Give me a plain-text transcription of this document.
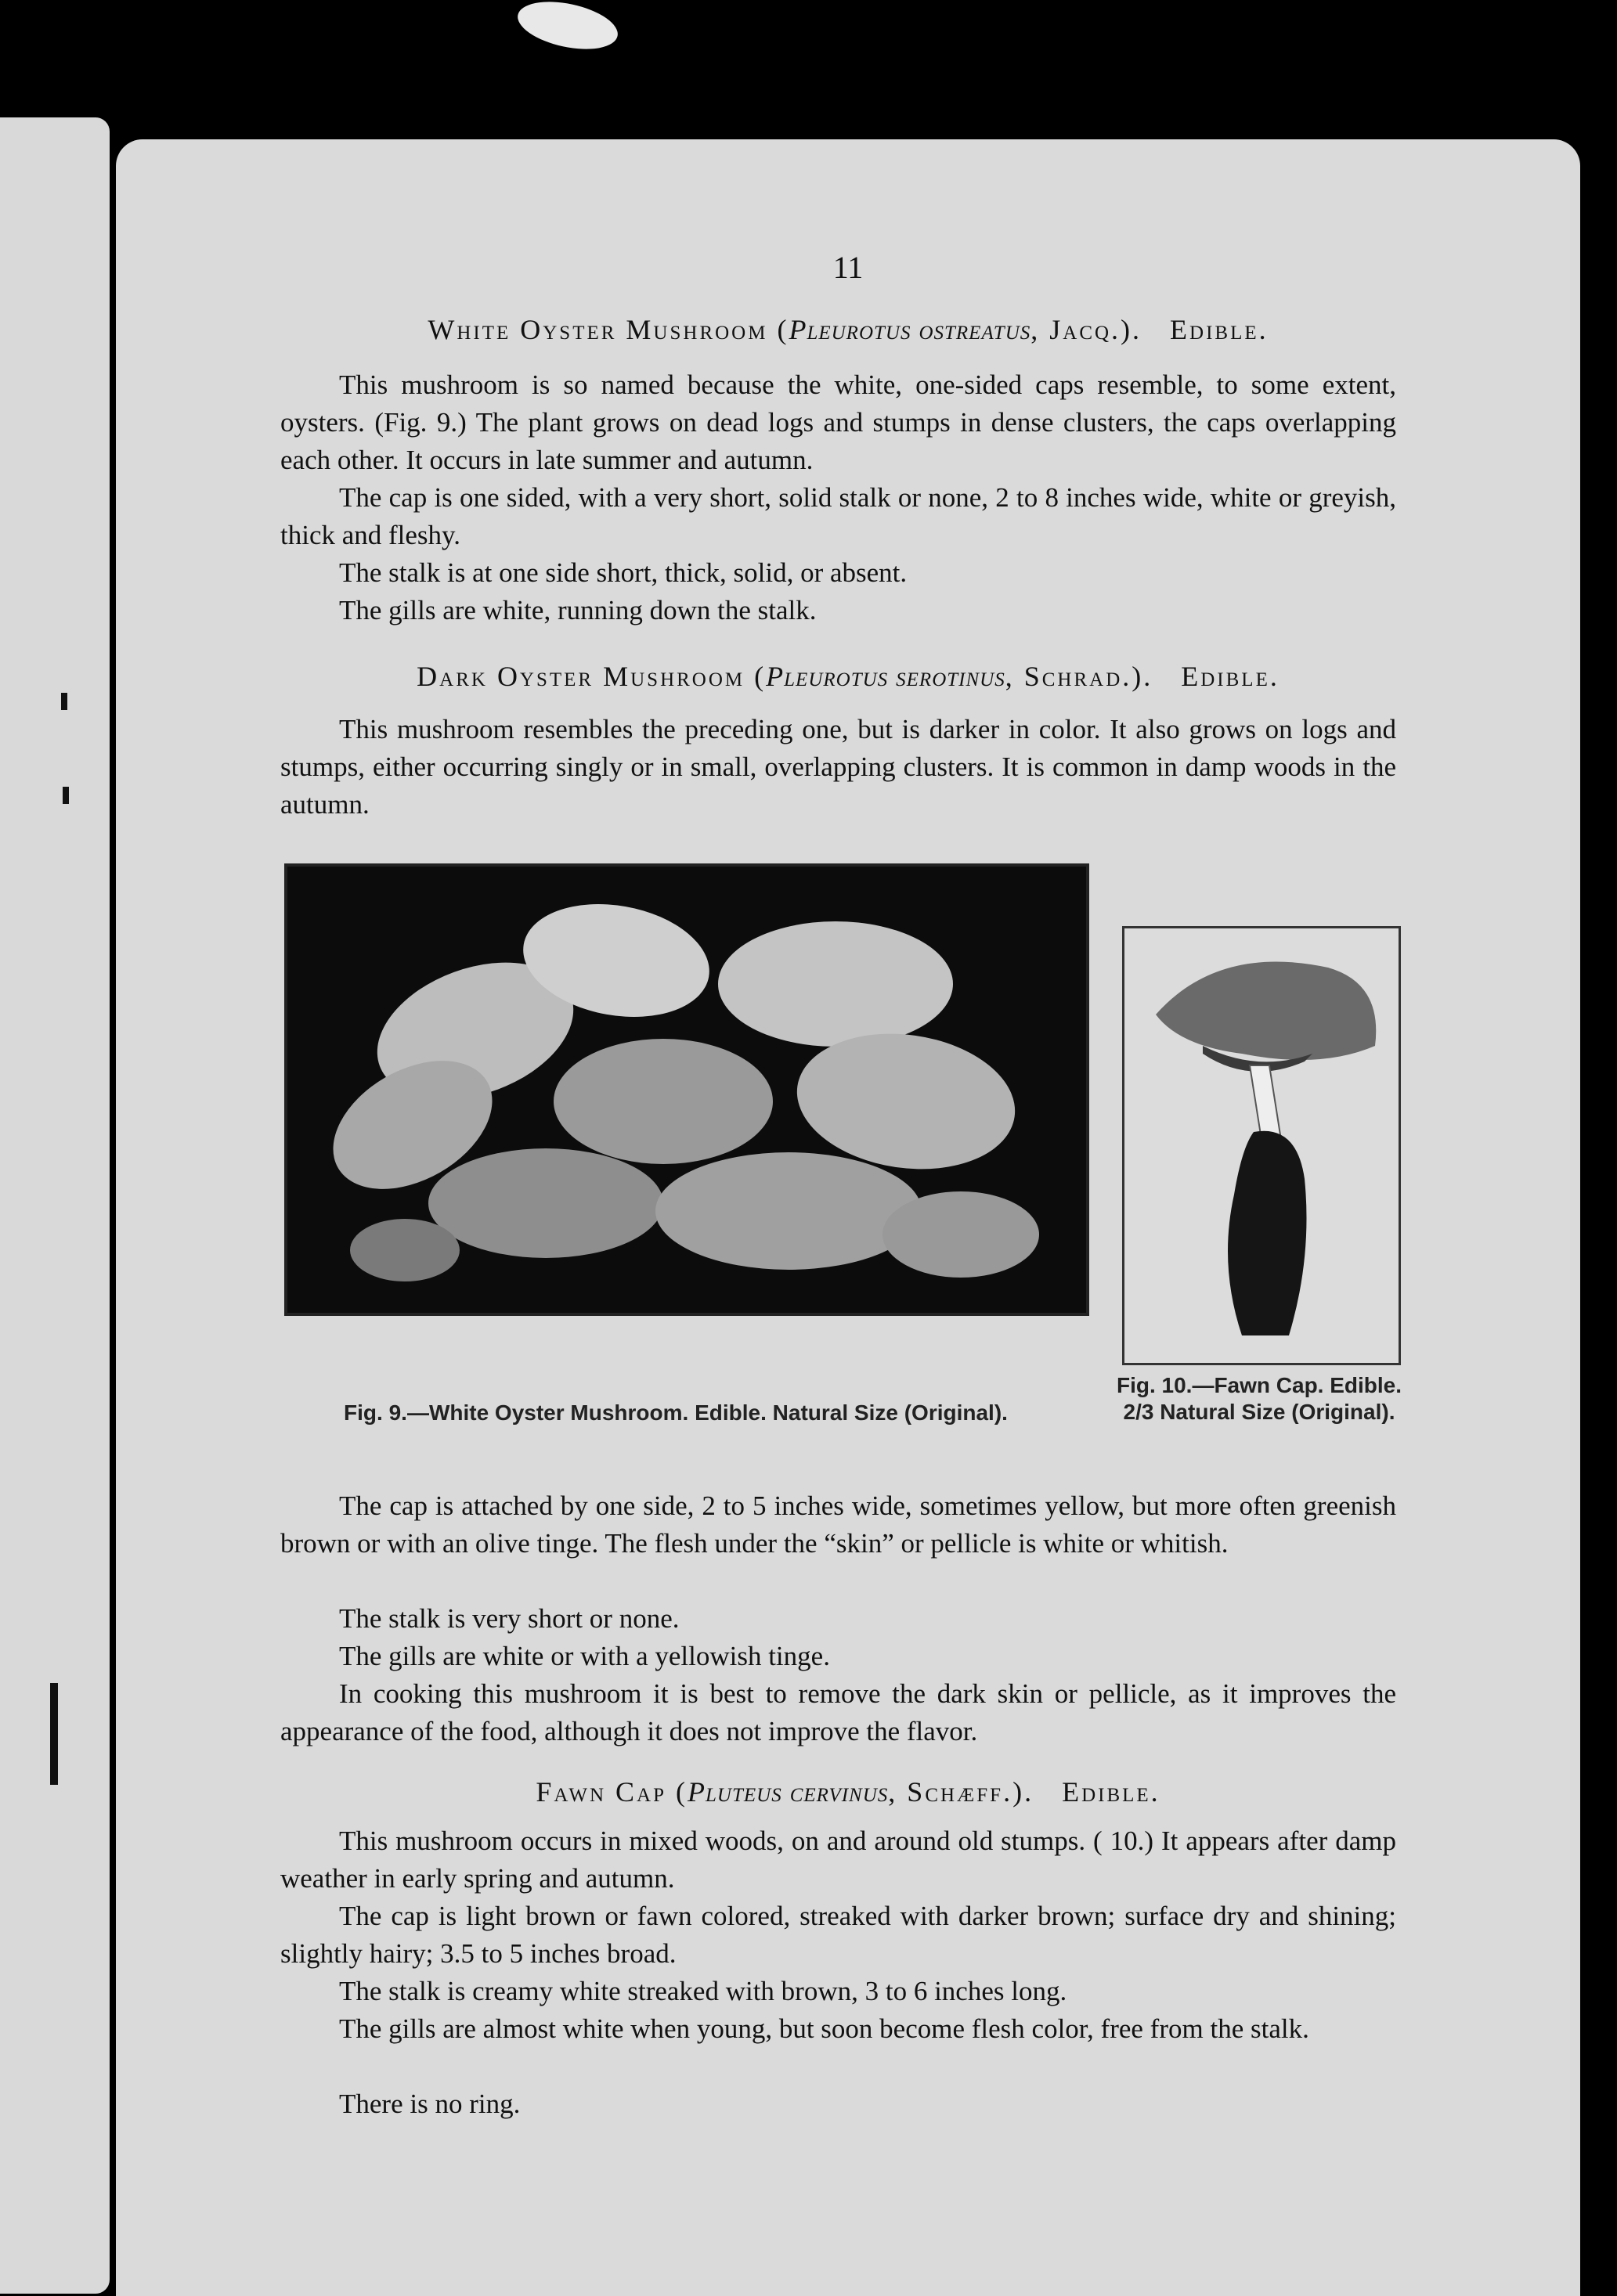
11
White Oyster Mushroom (Pleurotus ostreatus, Jacq.). Edible.

This mushroom is so named because the white, one-sided caps resemble, to some extent, oysters. (Fig. 9.) The plant grows on dead logs and stumps in dense clusters, the caps overlapping each other. It occurs in late summer and autumn.

The cap is one sided, with a very short, solid stalk or none, 2 to 8 inches wide, white or greyish, thick and fleshy.

The stalk is at one side short, thick, solid, or absent.

The gills are white, running down the stalk.

Dark Oyster Mushroom (Pleurotus serotinus, Schrad.). Edible.

This mushroom resembles the preceding one, but is darker in color. It also grows on logs and stumps, either occurring singly or in small, overlapping clusters. It is common in damp woods in the autumn.

Fig. 9.—White Oyster Mushroom. Edible. Natural Size (Original).
Fig. 10.—Fawn Cap. Edible. 2/3 Natural Size (Original).

The cap is attached by one side, 2 to 5 inches wide, sometimes yellow, but more often greenish brown or with an olive tinge. The flesh under the “skin” or pellicle is white or whitish.

The stalk is very short or none.

The gills are white or with a yellowish tinge.

In cooking this mushroom it is best to remove the dark skin or pellicle, as it improves the appearance of the food, although it does not improve the flavor.

Fawn Cap (Pluteus cervinus, Schæff.). Edible.

This mushroom occurs in mixed woods, on and around old stumps. ( 10.) It appears after damp weather in early spring and autumn.

The cap is light brown or fawn colored, streaked with darker brown; surface dry and shining; slightly hairy; 3.5 to 5 inches broad.

The stalk is creamy white streaked with brown, 3 to 6 inches long.

The gills are almost white when young, but soon become flesh color, free from the stalk.

There is no ring.
